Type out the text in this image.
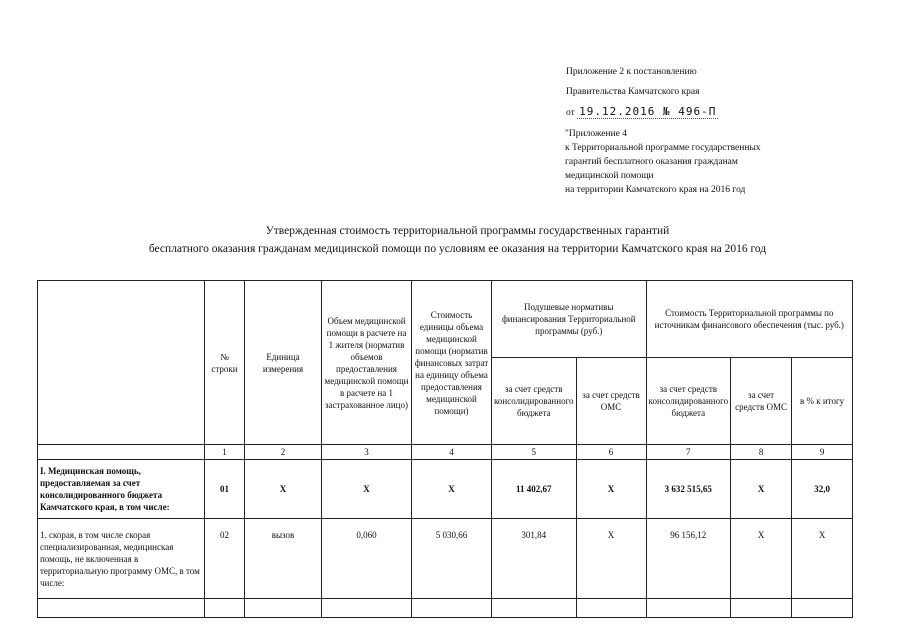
Приложение 2 к постановлению
Правительства Камчатского края
от 19.12.2016 № 496-П
"Приложение 4
к Территориальной программе государственных
гарантий бесплатного оказания гражданам
медицинской помощи
на территории Камчатского края на 2016 год
Утвержденная стоимость территориальной программы государственных гарантий
бесплатного оказания гражданам медицинской помощи по условиям ее оказания на территории Камчатского края на 2016 год
	№ строки	Единица измерения	Объем медицинской помощи в расчете на 1 жителя (норматив объемов предоставления медицинской помощи в расчете на 1 застрахованное лицо)	Стоимость единицы объема медицинской помощи (норматив финансовых затрат на единицу объема предоставления медицинской помощи)	Подушевые нормативы финансирования Территориальной программы (руб.)		Стоимость Территориальной программы по источникам финансового обеспечения (тыс. руб.)		
					за счет средств консолидированного бюджета	за счет средств ОМС	за счет средств консолидированного бюджета	за счет средств ОМС	в % к итогу
	1	2	3	4	5	6	7	8	9
I. Медицинская помощь, предоставляемая за счет консолидированного бюджета Камчатского края, в том числе:	01	X	X	X	11 402,67	X	3 632 515,65	X	32,0
1. скорая, в том числе скорая специализированная, медицинская помощь, не включенная в территориальную программу ОМС, в том числе:	02	вызов	0,060	5 030,66	301,84	X	96 156,12	X	X
